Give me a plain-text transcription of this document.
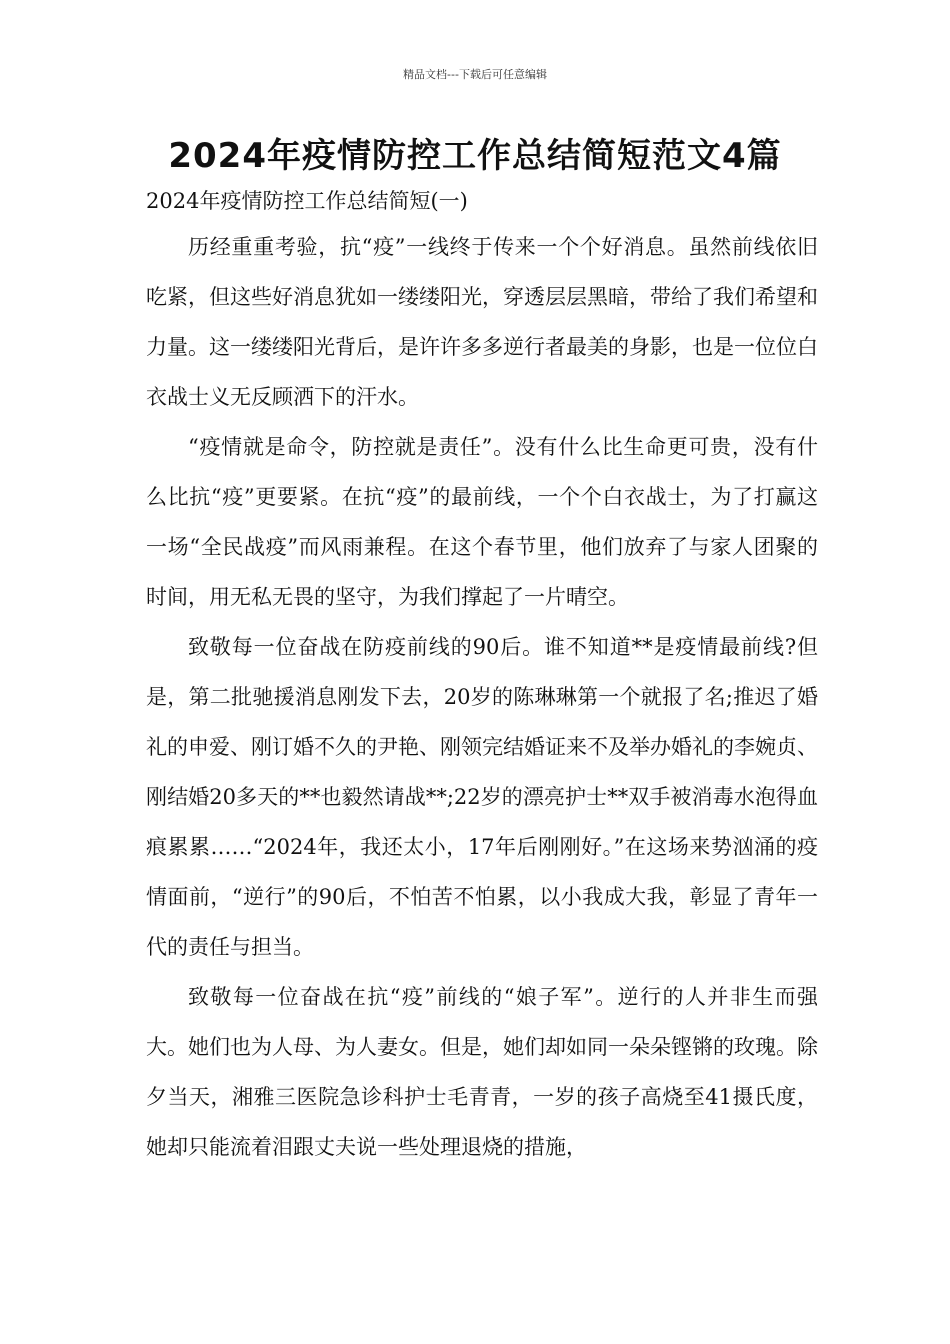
精品文档---下载后可任意编辑
2024年疫情防控工作总结简短范文4篇

2024年疫情防控工作总结简短(一)

历经重重考验，抗“疫”一线终于传来一个个好消息。虽然前线依旧吃紧，但这些好消息犹如一缕缕阳光，穿透层层黑暗，带给了我们希望和力量。这一缕缕阳光背后，是许许多多逆行者最美的身影，也是一位位白衣战士义无反顾洒下的汗水。

“疫情就是命令，防控就是责任”。没有什么比生命更可贵，没有什么比抗“疫”更要紧。在抗“疫”的最前线，一个个白衣战士，为了打赢这一场“全民战疫”而风雨兼程。在这个春节里，他们放弃了与家人团聚的时间，用无私无畏的坚守，为我们撑起了一片晴空。

致敬每一位奋战在防疫前线的90后。谁不知道**是疫情最前线?但是，第二批驰援消息刚发下去，20岁的陈琳琳第一个就报了名;推迟了婚礼的申爱、刚订婚不久的尹艳、刚领完结婚证来不及举办婚礼的李婉贞、刚结婚20多天的**也毅然请战**;22岁的漂亮护士**双手被消毒水泡得血痕累累……“2024年，我还太小，17年后刚刚好。”在这场来势汹涌的疫情面前，“逆行”的90后，不怕苦不怕累，以小我成大我，彰显了青年一代的责任与担当。

致敬每一位奋战在抗“疫”前线的“娘子军”。逆行的人并非生而强大。她们也为人母、为人妻女。但是，她们却如同一朵朵铿锵的玫瑰。除夕当天，湘雅三医院急诊科护士毛青青，一岁的孩子高烧至41摄氏度，她却只能流着泪跟丈夫说一些处理退烧的措施，
